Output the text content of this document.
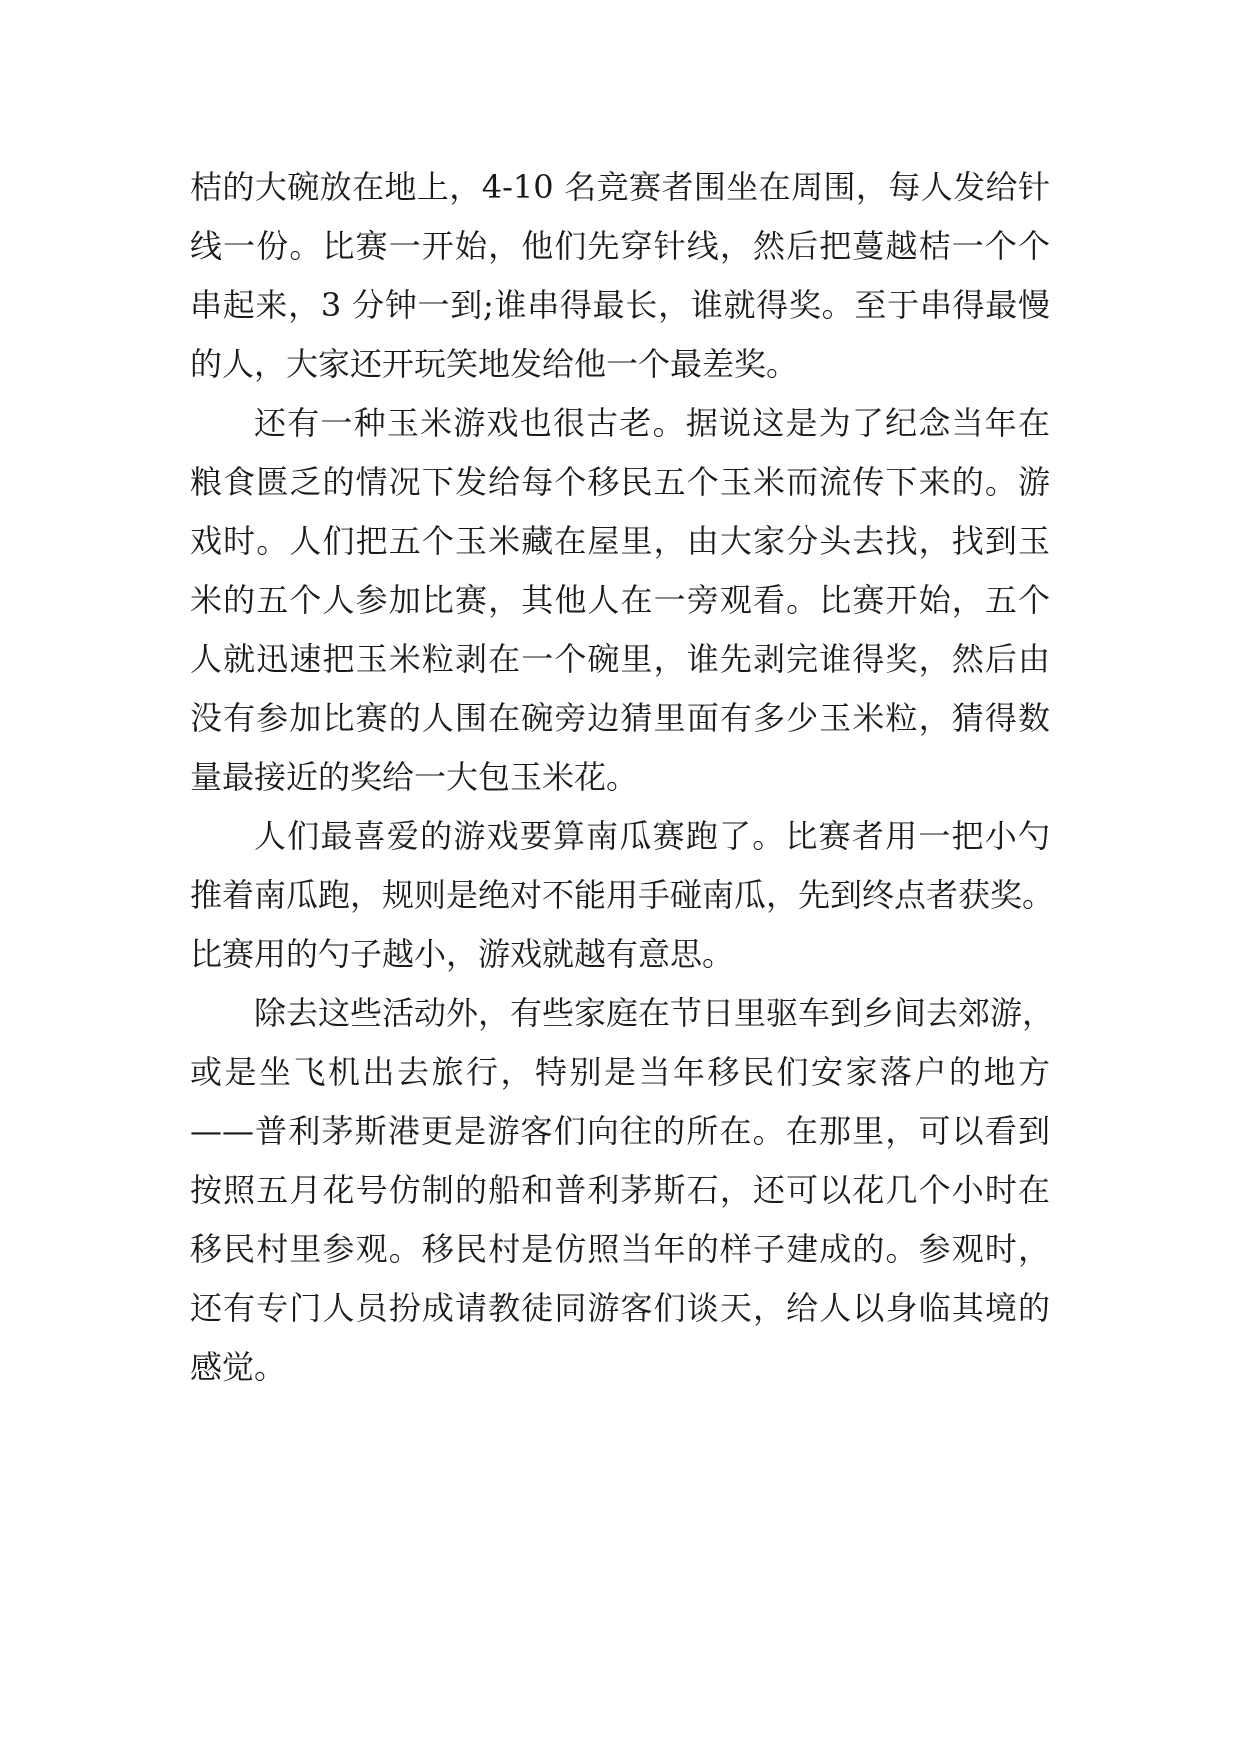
桔的大碗放在地上，4-10 名竞赛者围坐在周围，每人发给针
线一份。比赛一开始，他们先穿针线，然后把蔓越桔一个个
串起来，3 分钟一到;谁串得最长，谁就得奖。至于串得最慢
的人，大家还开玩笑地发给他一个最差奖。
还有一种玉米游戏也很古老。据说这是为了纪念当年在
粮食匮乏的情况下发给每个移民五个玉米而流传下来的。游
戏时。人们把五个玉米藏在屋里，由大家分头去找，找到玉
米的五个人参加比赛，其他人在一旁观看。比赛开始，五个
人就迅速把玉米粒剥在一个碗里，谁先剥完谁得奖，然后由
没有参加比赛的人围在碗旁边猜里面有多少玉米粒，猜得数
量最接近的奖给一大包玉米花。
人们最喜爱的游戏要算南瓜赛跑了。比赛者用一把小勺
推着南瓜跑，规则是绝对不能用手碰南瓜，先到终点者获奖。
比赛用的勺子越小，游戏就越有意思。
除去这些活动外，有些家庭在节日里驱车到乡间去郊游，
或是坐飞机出去旅行，特别是当年移民们安家落户的地方
——普利茅斯港更是游客们向往的所在。在那里，可以看到
按照五月花号仿制的船和普利茅斯石，还可以花几个小时在
移民村里参观。移民村是仿照当年的样子建成的。参观时，
还有专门人员扮成请教徒同游客们谈天，给人以身临其境的
感觉。
